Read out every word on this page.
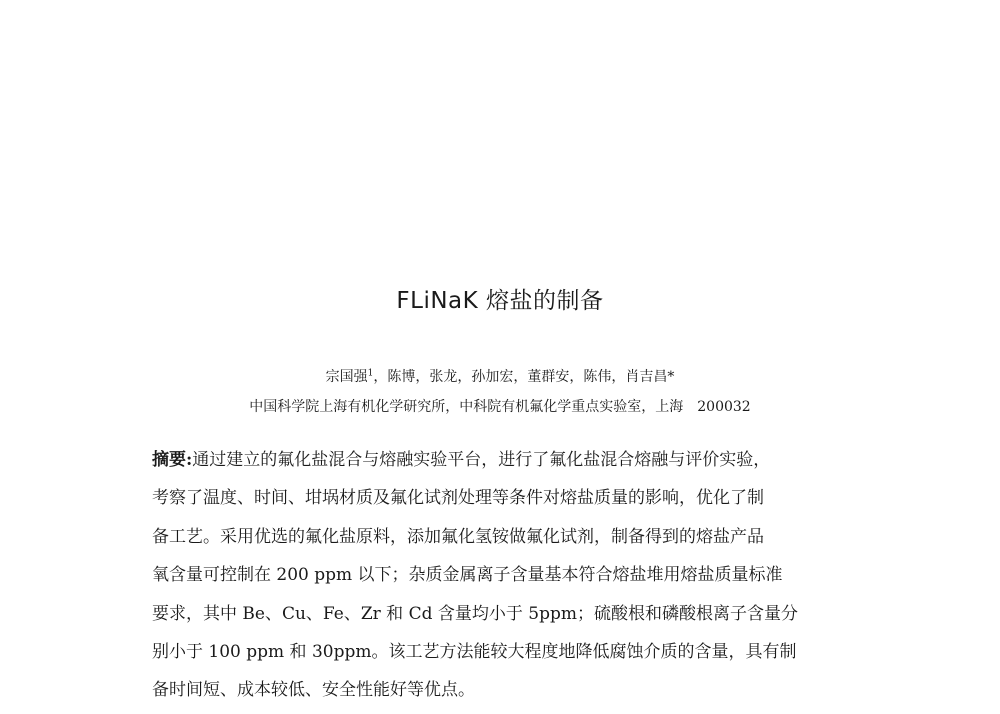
FLiNaK 熔盐的制备
宗国强$^1$，陈博，张龙，孙加宏，董群安，陈伟，肖吉昌*
中国科学院上海有机化学研究所，中科院有机氟化学重点实验室，上海　200032
摘要:通过建立的氟化盐混合与熔融实验平台，进行了氟化盐混合熔融与评价实验，
考察了温度、时间、坩埚材质及氟化试剂处理等条件对熔盐质量的影响，优化了制
备工艺。采用优选的氟化盐原料，添加氟化氢铵做氟化试剂，制备得到的熔盐产品
氧含量可控制在 200 ppm 以下；杂质金属离子含量基本符合熔盐堆用熔盐质量标准
要求，其中 Be、Cu、Fe、Zr 和 Cd 含量均小于 5ppm；硫酸根和磷酸根离子含量分
别小于 100 ppm 和 30ppm。该工艺方法能较大程度地降低腐蚀介质的含量，具有制
备时间短、成本较低、安全性能好等优点。
